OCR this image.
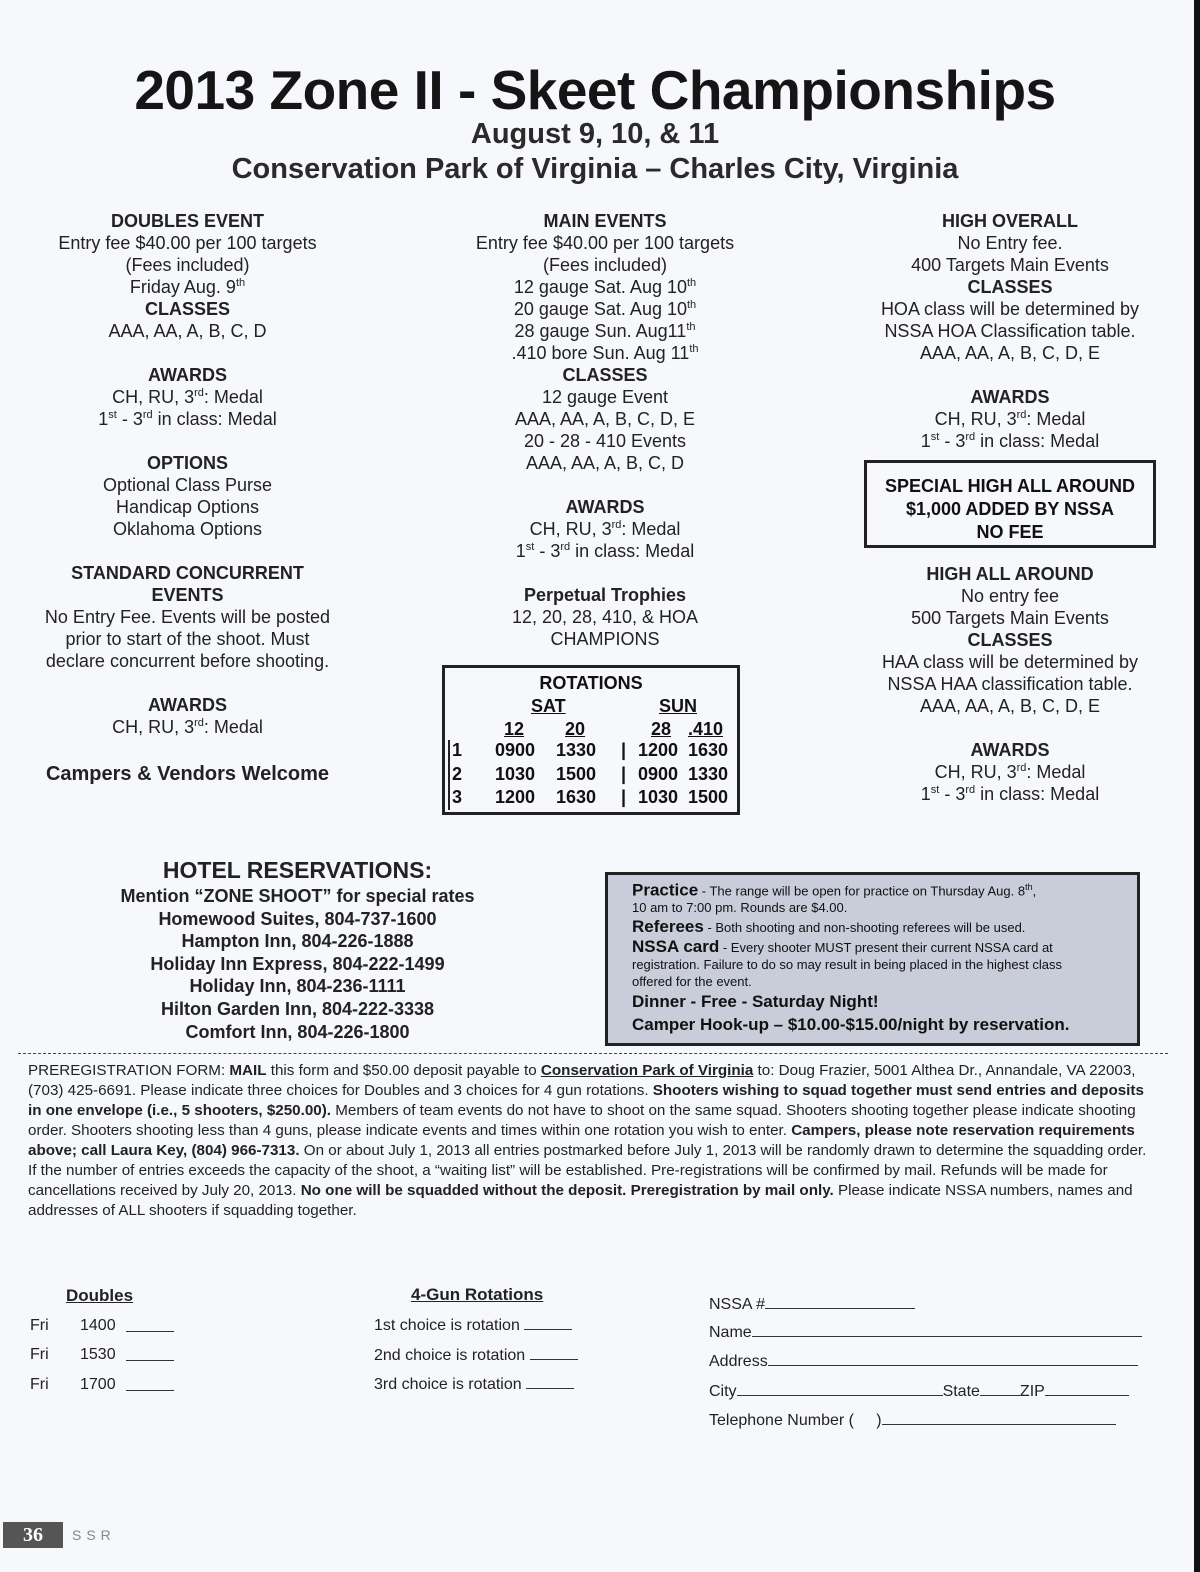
2013 Zone II - Skeet Championships
August 9, 10, & 11
Conservation Park of Virginia – Charles City, Virginia
DOUBLES EVENT
Entry fee $40.00 per 100 targets
(Fees included)
Friday Aug. 9th
CLASSES
AAA, AA, A, B, C, D
AWARDS
CH, RU, 3rd: Medal
1st - 3rd in class: Medal
OPTIONS
Optional Class Purse
Handicap Options
Oklahoma Options
STANDARD CONCURRENT
EVENTS
No Entry Fee. Events will be posted
prior to start of the shoot. Must
declare concurrent before shooting.
AWARDS
CH, RU, 3rd: Medal
Campers & Vendors Welcome
MAIN EVENTS
Entry fee $40.00 per 100 targets
(Fees included)
12 gauge Sat. Aug 10th
20 gauge Sat. Aug 10th
28 gauge Sun. Aug11th
.410 bore Sun. Aug 11th
CLASSES
12 gauge Event
AAA, AA, A, B, C, D, E
20 - 28 - 410 Events
AAA, AA, A, B, C, D
AWARDS
CH, RU, 3rd: Medal
1st - 3rd in class: Medal
Perpetual Trophies
12, 20, 28, 410, & HOA
CHAMPIONS
ROTATIONS
SAT	SUN
12 20	28 .410
1 0900 1330 | 1200 1630
2 1030 1500 | 0900 1330
3 1200 1630 | 1030 1500
HIGH OVERALL
No Entry fee.
400 Targets Main Events
CLASSES
HOA class will be determined by
NSSA HOA Classification table.
AAA, AA, A, B, C, D, E
AWARDS
CH, RU, 3rd: Medal
1st - 3rd in class: Medal
SPECIAL HIGH ALL AROUND
$1,000 ADDED BY NSSA
NO FEE
HIGH ALL AROUND
No entry fee
500 Targets Main Events
CLASSES
HAA class will be determined by
NSSA HAA classification table.
AAA, AA, A, B, C, D, E
AWARDS
CH, RU, 3rd: Medal
1st - 3rd in class: Medal
HOTEL RESERVATIONS:
Mention “ZONE SHOOT” for special rates
Homewood Suites, 804-737-1600
Hampton Inn, 804-226-1888
Holiday Inn Express, 804-222-1499
Holiday Inn, 804-236-1111
Hilton Garden Inn, 804-222-3338
Comfort Inn, 804-226-1800
Practice - The range will be open for practice on Thursday Aug. 8th,
10 am to 7:00 pm. Rounds are $4.00.
Referees - Both shooting and non-shooting referees will be used.
NSSA card - Every shooter MUST present their current NSSA card at
registration. Failure to do so may result in being placed in the highest class
offered for the event.
Dinner - Free - Saturday Night!
Camper Hook-up – $10.00-$15.00/night by reservation.
PREREGISTRATION FORM: MAIL this form and $50.00 deposit payable to Conservation Park of Virginia to: Doug Frazier, 5001 Althea Dr., Annandale, VA 22003, (703) 425-6691. Please indicate three choices for Doubles and 3 choices for 4 gun rotations. Shooters wishing to squad together must send entries and deposits in one envelope (i.e., 5 shooters, $250.00). Members of team events do not have to shoot on the same squad. Shooters shooting together please indicate shooting order. Shooters shooting less than 4 guns, please indicate events and times within one rotation you wish to enter. Campers, please note reservation requirements above; call Laura Key, (804) 966-7313. On or about July 1, 2013 all entries postmarked before July 1, 2013 will be randomly drawn to determine the squadding order. If the number of entries exceeds the capacity of the shoot, a “waiting list” will be established. Pre-registrations will be confirmed by mail. Refunds will be made for cancellations received by July 20, 2013. No one will be squadded without the deposit. Preregistration by mail only. Please indicate NSSA numbers, names and addresses of ALL shooters if squadding together.
Doubles
Fri 1400
Fri 1530
Fri 1700
4-Gun Rotations
1st choice is rotation
2nd choice is rotation
3rd choice is rotation
NSSA #
Name
Address
City	State	ZIP
Telephone Number ( )
36	SSR
